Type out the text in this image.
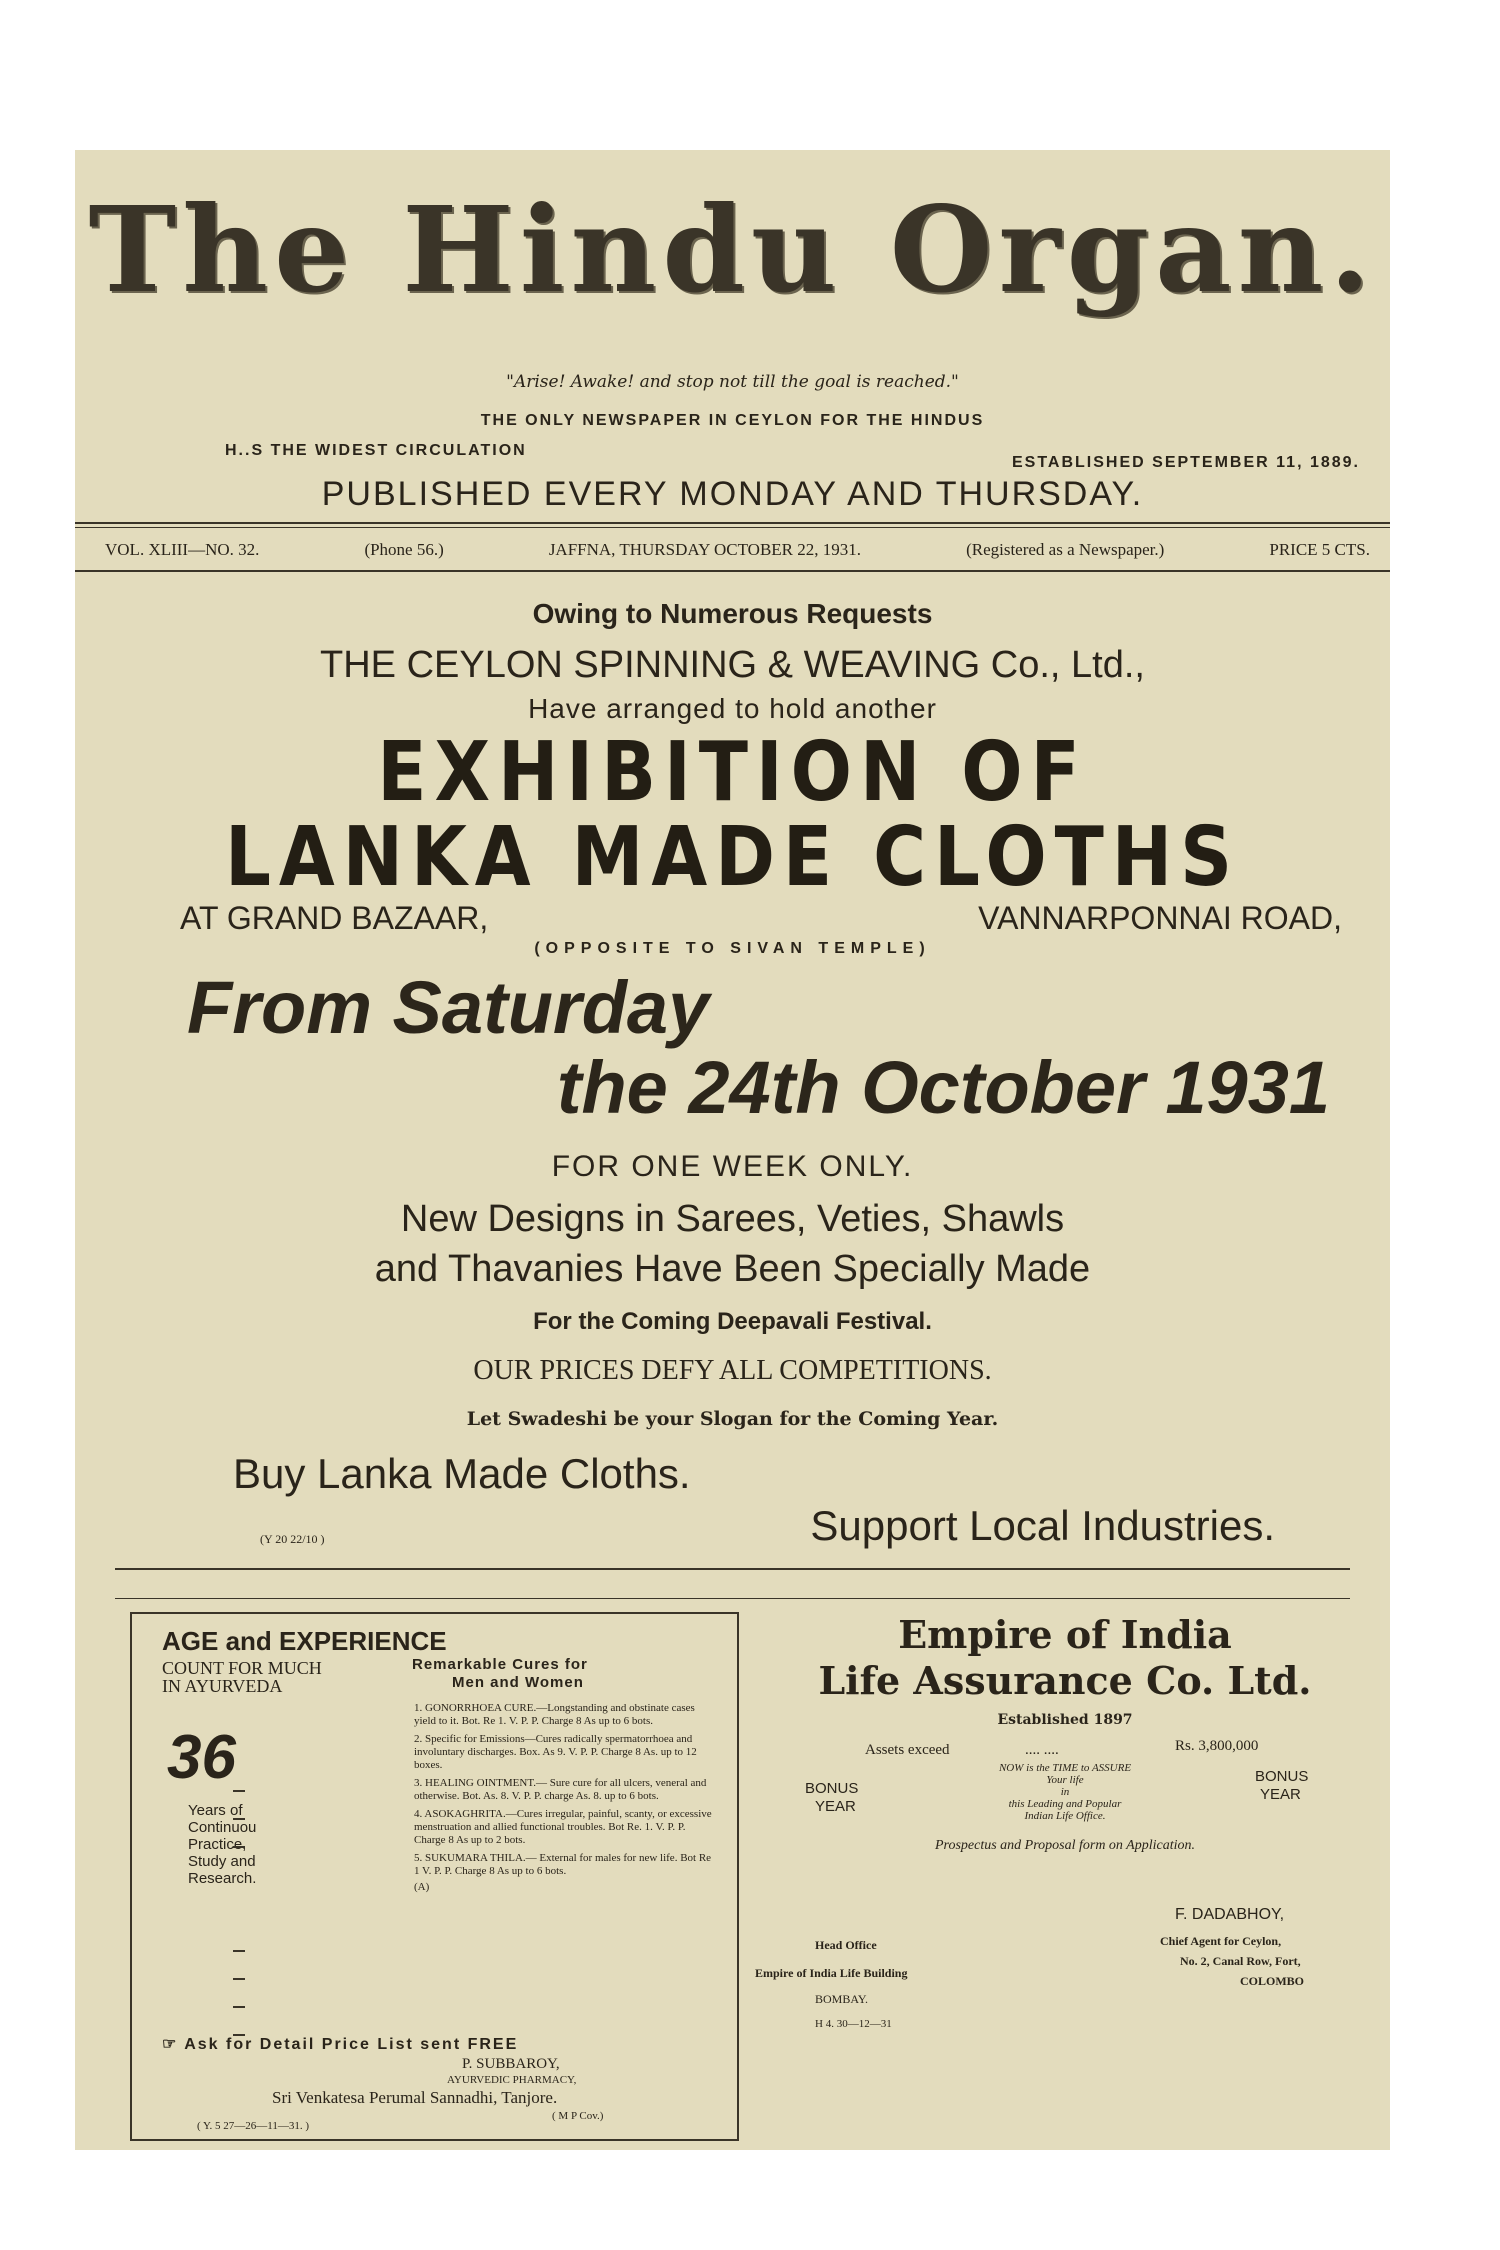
The Hindu Organ.
"Arise! Awake! and stop not till the goal is reached."
THE ONLY NEWSPAPER IN CEYLON FOR THE HINDUS
H..S THE WIDEST CIRCULATION
ESTABLISHED SEPTEMBER 11, 1889.
PUBLISHED EVERY MONDAY AND THURSDAY.
VOL. XLIII—NO. 32.	(Phone 56.)	JAFFNA, THURSDAY OCTOBER 22, 1931.	(Registered as a Newspaper.)	PRICE 5 CTS.
Owing to Numerous Requests
THE CEYLON SPINNING & WEAVING Co., Ltd.,
Have arranged to hold another
EXHIBITION OF
LANKA MADE CLOTHS
AT GRAND BAZAAR,	VANNARPONNAI ROAD,
(OPPOSITE TO SIVAN TEMPLE)
From Saturday
the 24th October 1931
FOR ONE WEEK ONLY.
New Designs in Sarees, Veties, Shawls
and Thavanies Have Been Specially Made
For the Coming Deepavali Festival.
OUR PRICES DEFY ALL COMPETITIONS.
Let Swadeshi be your Slogan for the Coming Year.
Buy Lanka Made Cloths.
Support Local Industries.
(Y 20 22/10 )
AGE and EXPERIENCE
COUNT FOR MUCH
IN AYURVEDA
36
Years of
Continuou
Practice,
Study and
Research.
Remarkable Cures for
Men and Women
1. GONORRHOEA CURE.—Longstanding and obstinate cases yield to it. Bot. Re 1. V. P. P. Charge 8 As up to 6 bots.
2. Specific for Emissions—Cures radically spermatorrhoea and involuntary discharges. Box. As 9. V. P. P. Charge 8 As. up to 12 boxes.
3. HEALING OINTMENT.— Sure cure for all ulcers, veneral and otherwise. Bot. As. 8. V. P. P. charge As. 8. up to 6 bots.
4. ASOKAGHRITA.—Cures irregular, painful, scanty, or excessive menstruation and allied functional troubles. Bot Re. 1. V. P. P. Charge 8 As up to 2 bots.
5. SUKUMARA THILA.— External for males for new life. Bot Re 1 V. P. P. Charge 8 As up to 6 bots.
(A)
☞ Ask for Detail Price List sent FREE
P. SUBBAROY,
AYURVEDIC PHARMACY,
Sri Venkatesa Perumal Sannadhi, Tanjore.
( M P Cov.)
( Y. 5 27—26—11—31. )
Empire of India
Life Assurance Co. Ltd.
Established 1897
Assets exceed	.... ....	Rs. 3,800,000
BONUS
YEAR
BONUS
YEAR
NOW is the TIME to ASSURE
Your life
in
this Leading and Popular
Indian Life Office.
Prospectus and Proposal form on Application.
F. DADABHOY,
Chief Agent for Ceylon,
No. 2, Canal Row, Fort,
COLOMBO
Head Office
Empire of India Life Building
BOMBAY.
H 4. 30—12—31
